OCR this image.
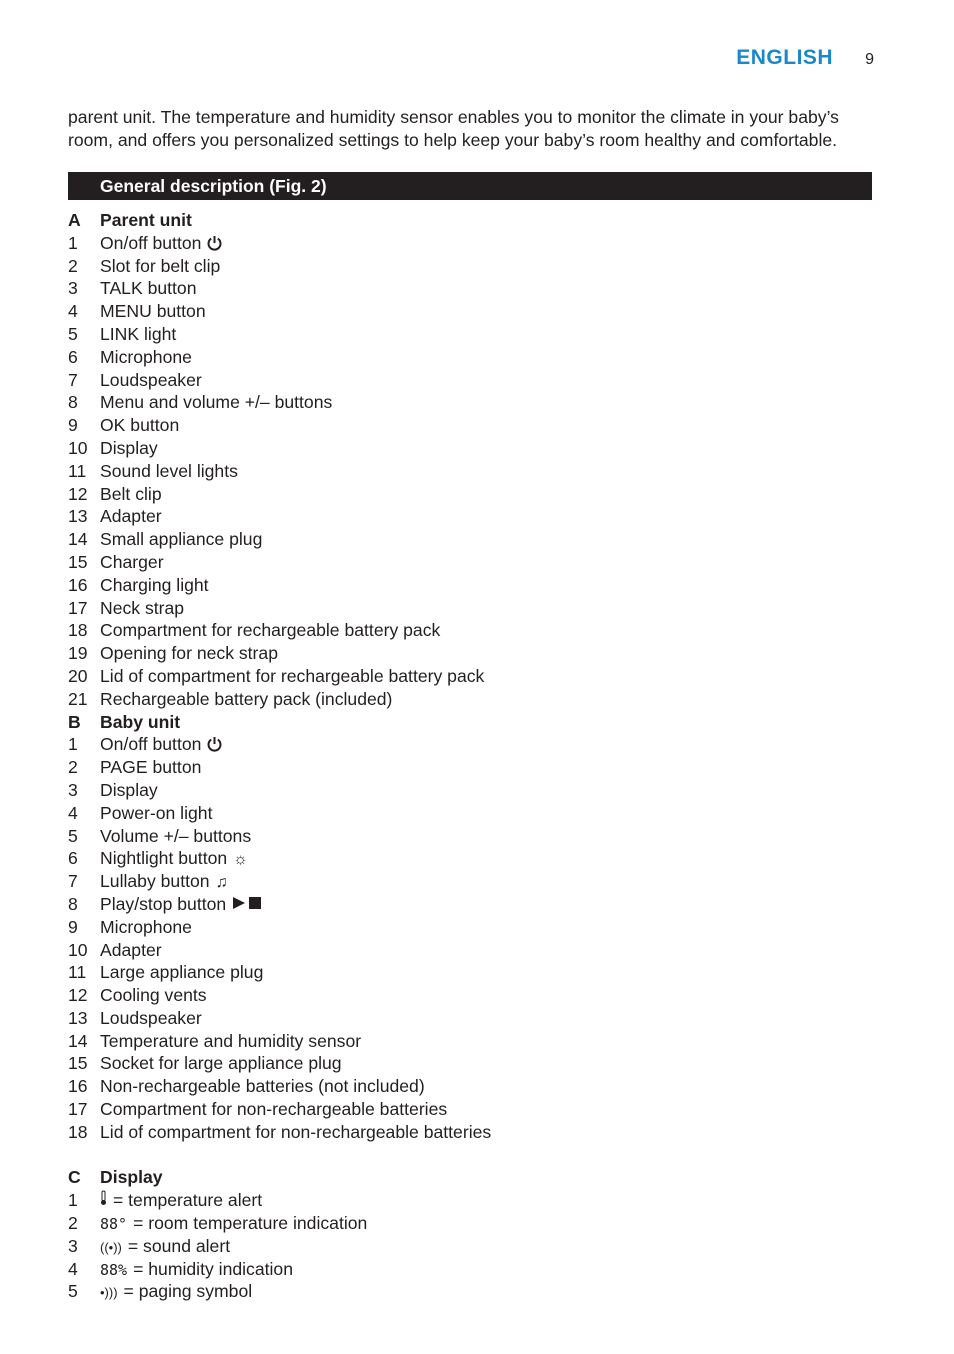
ENGLISH 9

parent unit. The temperature and humidity sensor enables you to monitor the climate in your baby’s room, and offers you personalized settings to help keep your baby’s room healthy and comfortable.

General description (Fig. 2)
A	Parent unit
1	On/off button
2	Slot for belt clip
3	TALK button
4	MENU button
5	LINK light
6	Microphone
7	Loudspeaker
8	Menu and volume +/– buttons
9	OK button
10 Display
11 Sound level lights
12 Belt clip
13 Adapter
14 Small appliance plug
15 Charger
16 Charging light
17 Neck strap
18 Compartment for rechargeable battery pack
19 Opening for neck strap
20 Lid of compartment for rechargeable battery pack
21 Rechargeable battery pack (included)
B	Baby unit
1	On/off button
2	PAGE button
3	Display
4	Power-on light
5	Volume +/– buttons
6	Nightlight button ☼
7	Lullaby button ♫
8	Play/stop button
9	Microphone
10 Adapter
11 Large appliance plug
12 Cooling vents
13 Loudspeaker
14 Temperature and humidity sensor
15 Socket for large appliance plug
16 Non-rechargeable batteries (not included)
17 Compartment for non-rechargeable batteries
18 Lid of compartment for non-rechargeable batteries
C	Display
1	= temperature alert
2	88° = room temperature indication
3	((•)) = sound alert
4	88% = humidity indication
5	•))) = paging symbol
